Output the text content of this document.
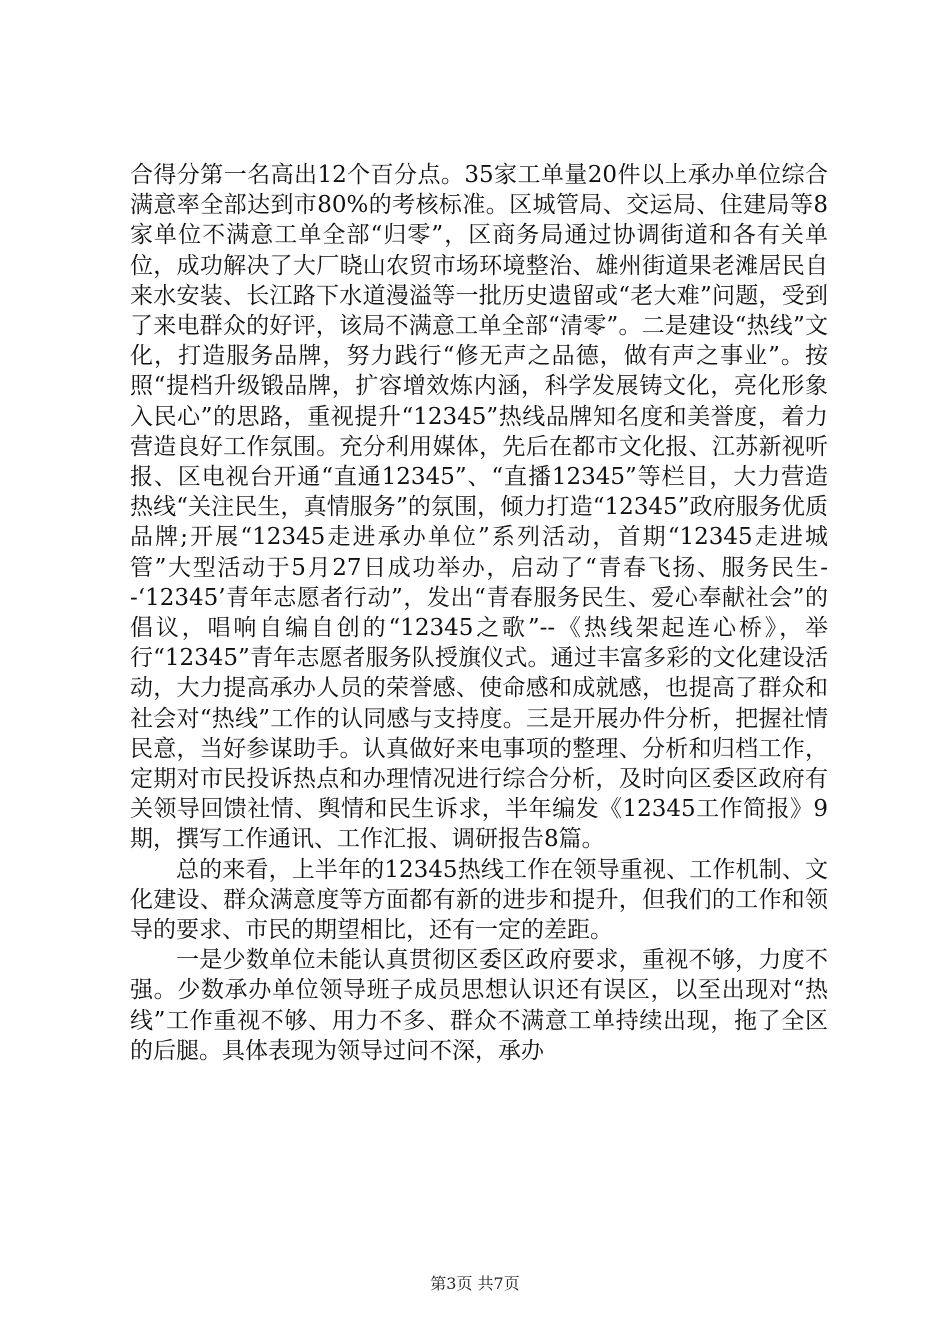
合得分第一名高出12个百分点。35家工单量20件以上承办单位综合满意率全部达到市80%的考核标准。区城管局、交运局、住建局等8家单位不满意工单全部“归零”，区商务局通过协调街道和各有关单位，成功解决了大厂晓山农贸市场环境整治、雄州街道果老滩居民自来水安装、长江路下水道漫溢等一批历史遗留或“老大难”问题，受到了来电群众的好评，该局不满意工单全部“清零”。二是建设“热线”文化，打造服务品牌，努力践行“修无声之品德，做有声之事业”。按照“提档升级锻品牌，扩容增效炼内涵，科学发展铸文化，亮化形象入民心”的思路，重视提升“12345”热线品牌知名度和美誉度，着力营造良好工作氛围。充分利用媒体，先后在都市文化报、江苏新视听报、区电视台开通“直通12345”、“直播12345”等栏目，大力营造热线“关注民生，真情服务”的氛围，倾力打造“12345”政府服务优质品牌;开展“12345走进承办单位”系列活动，首期“12345走进城管”大型活动于5月27日成功举办，启动了“青春飞扬、服务民生--‘12345’青年志愿者行动”，发出“青春服务民生、爱心奉献社会”的倡议，唱响自编自创的“12345之歌”--《热线架起连心桥》，举行“12345”青年志愿者服务队授旗仪式。通过丰富多彩的文化建设活动，大力提高承办人员的荣誉感、使命感和成就感，也提高了群众和社会对“热线”工作的认同感与支持度。三是开展办件分析，把握社情民意，当好参谋助手。认真做好来电事项的整理、分析和归档工作，定期对市民投诉热点和办理情况进行综合分析，及时向区委区政府有关领导回馈社情、舆情和民生诉求，半年编发《12345工作简报》9期，撰写工作通讯、工作汇报、调研报告8篇。

总的来看，上半年的12345热线工作在领导重视、工作机制、文化建设、群众满意度等方面都有新的进步和提升，但我们的工作和领导的要求、市民的期望相比，还有一定的差距。

一是少数单位未能认真贯彻区委区政府要求，重视不够，力度不强。少数承办单位领导班子成员思想认识还有误区，以至出现对“热线”工作重视不够、用力不多、群众不满意工单持续出现，拖了全区的后腿。具体表现为领导过问不深，承办

第3页 共7页
